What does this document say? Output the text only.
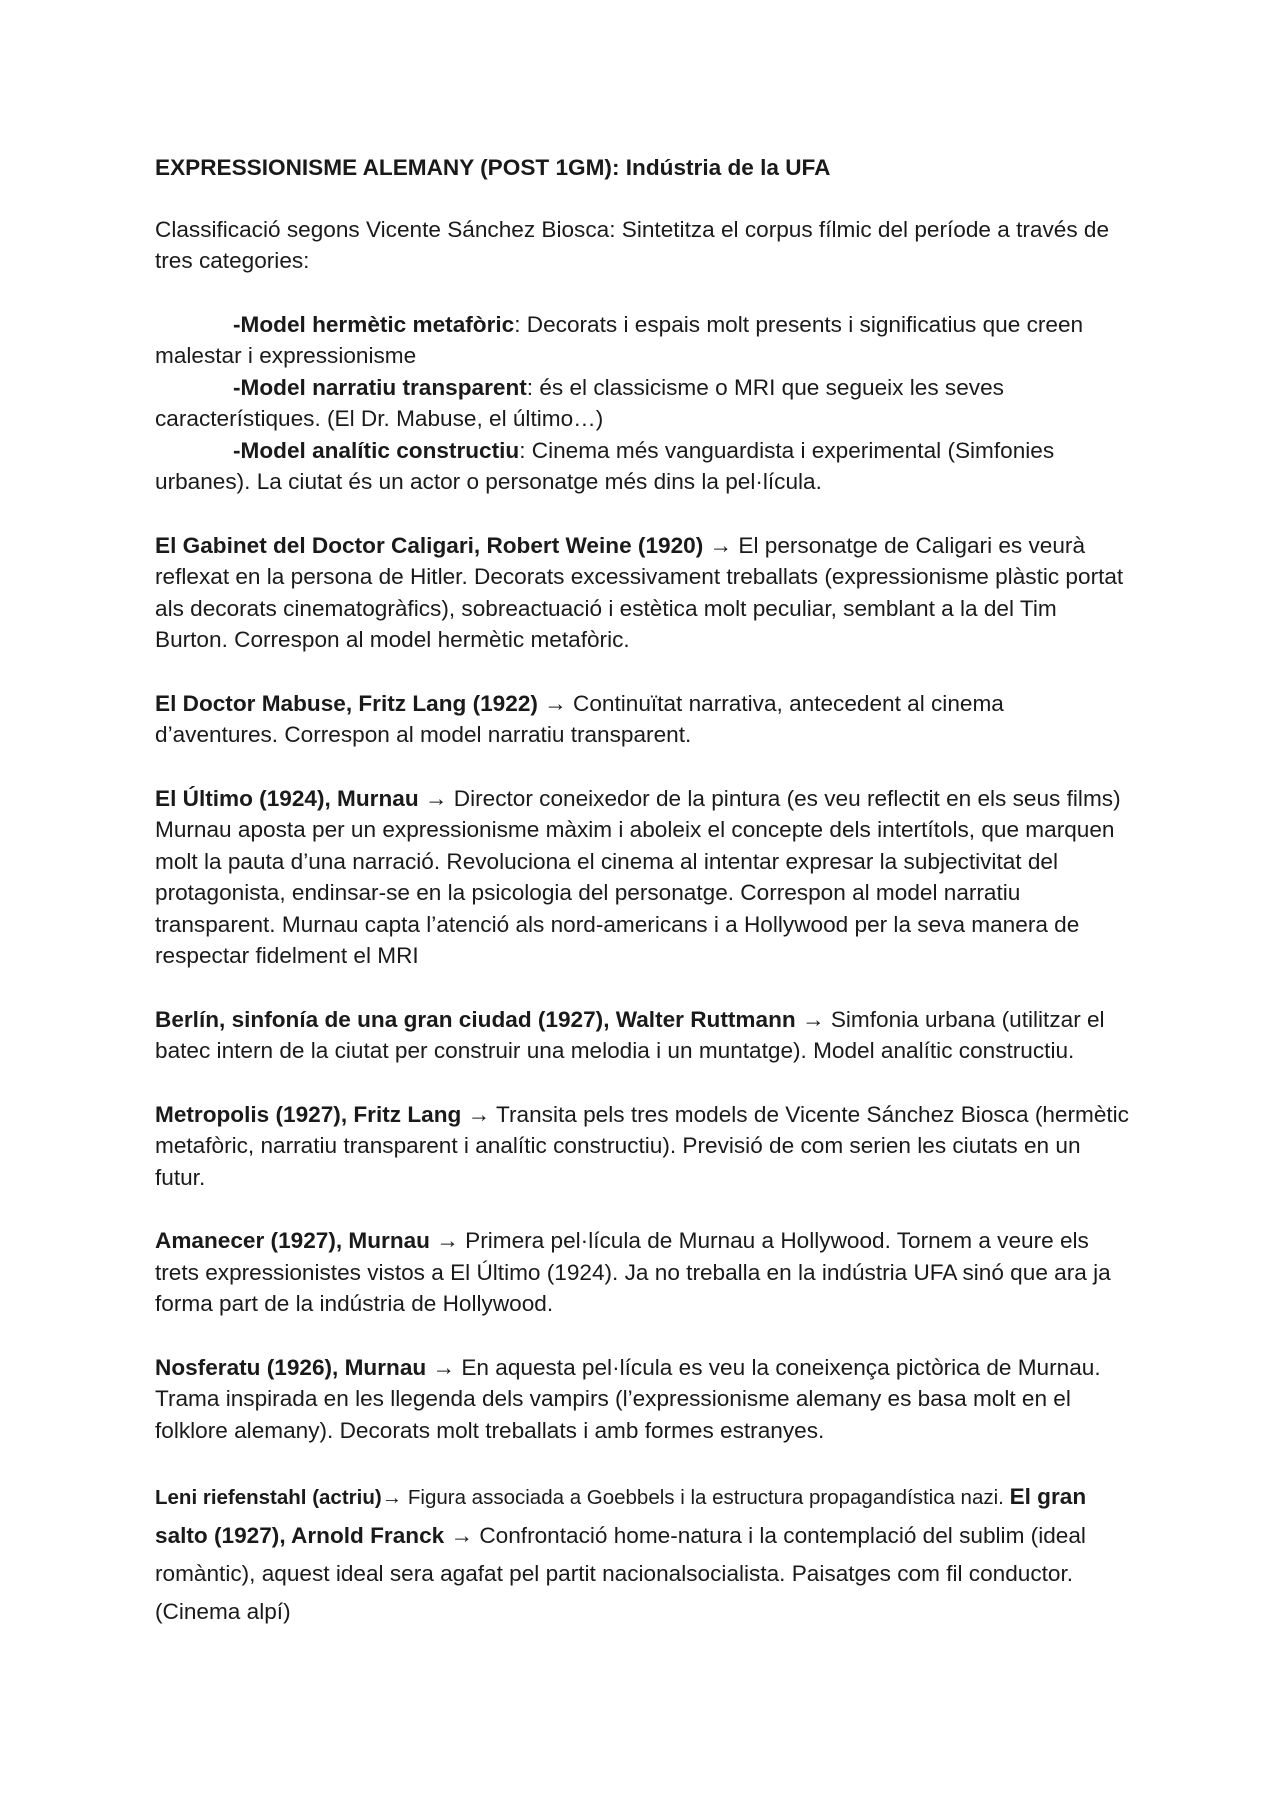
EXPRESSIONISME ALEMANY (POST 1GM): Indústria de la UFA

Classificació segons Vicente Sánchez Biosca: Sintetitza el corpus fílmic del període a través de tres categories:

-Model hermètic metafòric: Decorats i espais molt presents i significatius que creen malestar i expressionisme

-Model narratiu transparent: és el classicisme o MRI que segueix les seves característiques. (El Dr. Mabuse, el último…)

-Model analític constructiu: Cinema més vanguardista i experimental (Simfonies urbanes). La ciutat és un actor o personatge més dins la pel·lícula.

El Gabinet del Doctor Caligari, Robert Weine (1920) → El personatge de Caligari es veurà reflexat en la persona de Hitler. Decorats excessivament treballats (expressionisme plàstic portat als decorats cinematogràfics), sobreactuació i estètica molt peculiar, semblant a la del Tim Burton. Correspon al model hermètic metafòric.

El Doctor Mabuse, Fritz Lang (1922) → Continuïtat narrativa, antecedent al cinema d’aventures. Correspon al model narratiu transparent.

El Último (1924), Murnau → Director coneixedor de la pintura (es veu reflectit en els seus films) Murnau aposta per un expressionisme màxim i aboleix el concepte dels intertítols, que marquen molt la pauta d’una narració. Revoluciona el cinema al intentar expresar la subjectivitat del protagonista, endinsar-se en la psicologia del personatge. Correspon al model narratiu transparent. Murnau capta l’atenció als nord-americans i a Hollywood per la seva manera de respectar fidelment el MRI

Berlín, sinfonía de una gran ciudad (1927), Walter Ruttmann → Simfonia urbana (utilitzar el batec intern de la ciutat per construir una melodia i un muntatge). Model analític constructiu.

Metropolis (1927), Fritz Lang → Transita pels tres models de Vicente Sánchez Biosca (hermètic metafòric, narratiu transparent i analític constructiu). Previsió de com serien les ciutats en un futur.

Amanecer (1927), Murnau → Primera pel·lícula de Murnau a Hollywood. Tornem a veure els trets expressionistes vistos a El Último (1924). Ja no treballa en la indústria UFA sinó que ara ja forma part de la indústria de Hollywood.

Nosferatu (1926), Murnau → En aquesta pel·lícula es veu la coneixença pictòrica de Murnau. Trama inspirada en les llegenda dels vampirs (l’expressionisme alemany es basa molt en el folklore alemany). Decorats molt treballats i amb formes estranyes.

Leni riefenstahl (actriu)→ Figura associada a Goebbels i la estructura propagandística nazi. El gran salto (1927), Arnold Franck → Confrontació home-natura i la contemplació del sublim (ideal romàntic), aquest ideal sera agafat pel partit nacionalsocialista. Paisatges com fil conductor. (Cinema alpí)
